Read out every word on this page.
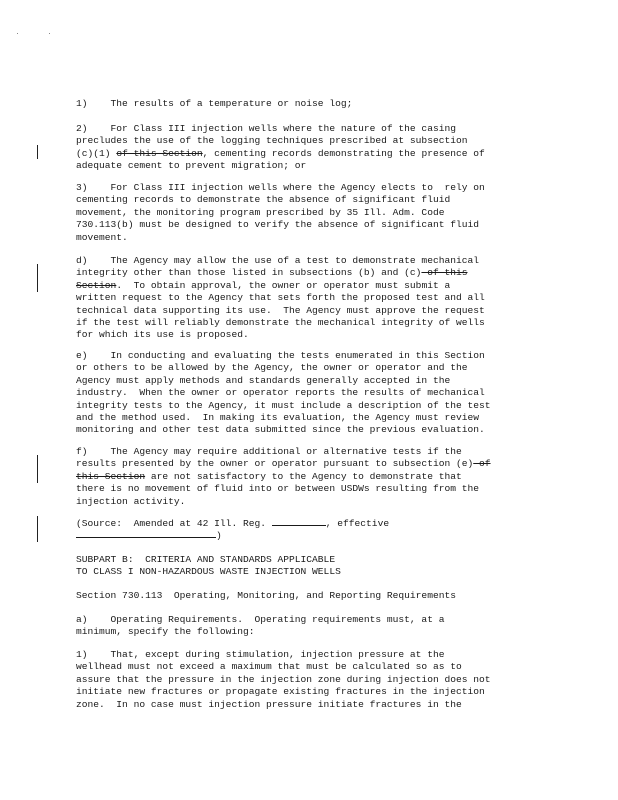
1)    The results of a temperature or noise log;
2)    For Class III injection wells where the nature of the casing
precludes the use of the logging techniques prescribed at subsection
(c)(1) of this Section, cementing records demonstrating the presence of
adequate cement to prevent migration; or
3)    For Class III injection wells where the Agency elects to  rely on
cementing records to demonstrate the absence of significant fluid
movement, the monitoring program prescribed by 35 Ill. Adm. Code
730.113(b) must be designed to verify the absence of significant fluid
movement.
d)    The Agency may allow the use of a test to demonstrate mechanical
integrity other than those listed in subsections (b) and (c) of this
Section.  To obtain approval, the owner or operator must submit a
written request to the Agency that sets forth the proposed test and all
technical data supporting its use.  The Agency must approve the request
if the test will reliably demonstrate the mechanical integrity of wells
for which its use is proposed.
e)    In conducting and evaluating the tests enumerated in this Section
or others to be allowed by the Agency, the owner or operator and the
Agency must apply methods and standards generally accepted in the
industry.  When the owner or operator reports the results of mechanical
integrity tests to the Agency, it must include a description of the test
and the method used.  In making its evaluation, the Agency must review
monitoring and other test data submitted since the previous evaluation.
f)    The Agency may require additional or alternative tests if the
results presented by the owner or operator pursuant to subsection (e) of
this Section are not satisfactory to the Agency to demonstrate that
there is no movement of fluid into or between USDWs resulting from the
injection activity.
(Source:  Amended at 42 Ill. Reg.	, effective
)
SUBPART B:  CRITERIA AND STANDARDS APPLICABLE
TO CLASS I NON-HAZARDOUS WASTE INJECTION WELLS
Section 730.113  Operating, Monitoring, and Reporting Requirements
a)    Operating Requirements.  Operating requirements must, at a
minimum, specify the following:
1)    That, except during stimulation, injection pressure at the
wellhead must not exceed a maximum that must be calculated so as to
assure that the pressure in the injection zone during injection does not
initiate new fractures or propagate existing fractures in the injection
zone.  In no case must injection pressure initiate fractures in the
